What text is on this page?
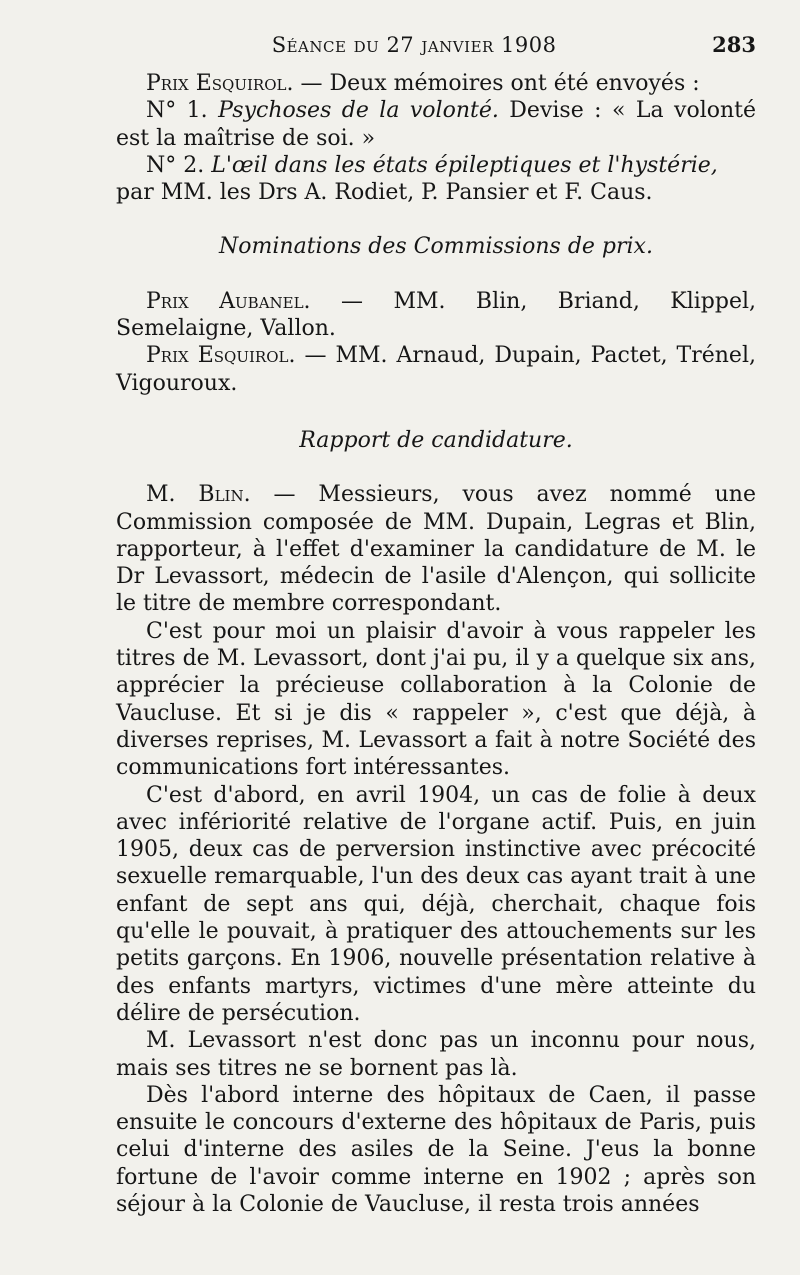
Séance du 27 janvier 1908	283

Prix Esquirol. — Deux mémoires ont été envoyés :

N° 1. Psychoses de la volonté. Devise : « La volonté est la maîtrise de soi. »

N° 2. L'œil dans les états épileptiques et l'hystérie,

par MM. les Drs A. Rodiet, P. Pansier et F. Caus.

Nominations des Commissions de prix.

Prix Aubanel. — MM. Blin, Briand, Klippel, Semelaigne, Vallon.

Prix Esquirol. — MM. Arnaud, Dupain, Pactet, Trénel, Vigouroux.

Rapport de candidature.

M. Blin. — Messieurs, vous avez nommé une Commission composée de MM. Dupain, Legras et Blin, rapporteur, à l'effet d'examiner la candidature de M. le Dr Levassort, médecin de l'asile d'Alençon, qui sollicite le titre de membre correspondant.

C'est pour moi un plaisir d'avoir à vous rappeler les titres de M. Levassort, dont j'ai pu, il y a quelque six ans, apprécier la précieuse collaboration à la Colonie de Vaucluse. Et si je dis « rappeler », c'est que déjà, à diverses reprises, M. Levassort a fait à notre Société des communications fort intéressantes.

C'est d'abord, en avril 1904, un cas de folie à deux avec infériorité relative de l'organe actif. Puis, en juin 1905, deux cas de perversion instinctive avec précocité sexuelle remarquable, l'un des deux cas ayant trait à une enfant de sept ans qui, déjà, cherchait, chaque fois qu'elle le pouvait, à pratiquer des attouchements sur les petits garçons. En 1906, nouvelle présentation relative à des enfants martyrs, victimes d'une mère atteinte du délire de persécution.

M. Levassort n'est donc pas un inconnu pour nous, mais ses titres ne se bornent pas là.

Dès l'abord interne des hôpitaux de Caen, il passe ensuite le concours d'externe des hôpitaux de Paris, puis celui d'interne des asiles de la Seine. J'eus la bonne fortune de l'avoir comme interne en 1902 ; après son séjour à la Colonie de Vaucluse, il resta trois années
